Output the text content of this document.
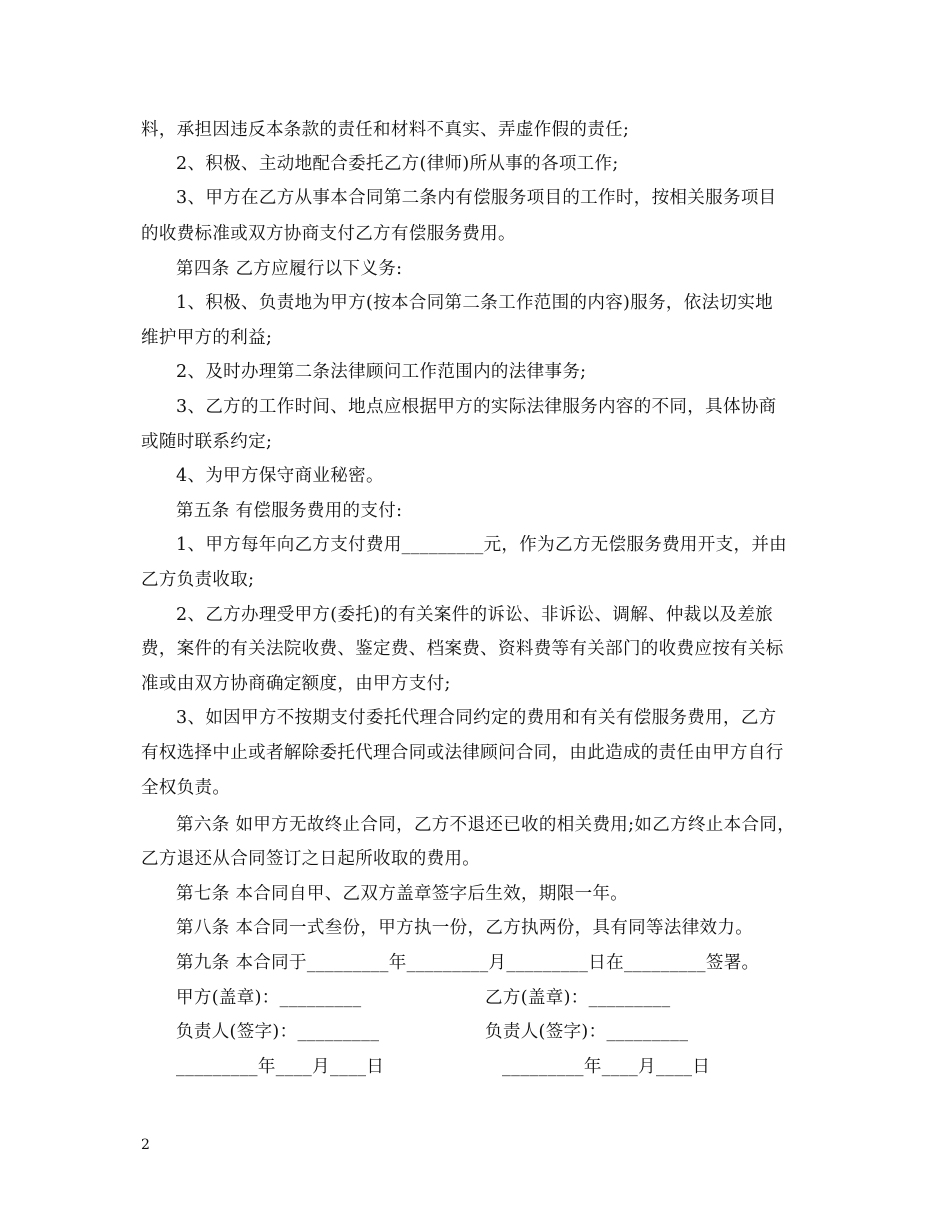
料，承担因违反本条款的责任和材料不真实、弄虚作假的责任;
2、积极、主动地配合委托乙方(律师)所从事的各项工作;
3、甲方在乙方从事本合同第二条内有偿服务项目的工作时，按相关服务项目
的收费标准或双方协商支付乙方有偿服务费用。
第四条 乙方应履行以下义务:
1、积极、负责地为甲方(按本合同第二条工作范围的内容)服务，依法切实地
维护甲方的利益;
2、及时办理第二条法律顾问工作范围内的法律事务;
3、乙方的工作时间、地点应根据甲方的实际法律服务内容的不同，具体协商
或随时联系约定;
4、为甲方保守商业秘密。
第五条 有偿服务费用的支付:
1、甲方每年向乙方支付费用_________元，作为乙方无偿服务费用开支，并由
乙方负责收取;
2、乙方办理受甲方(委托)的有关案件的诉讼、非诉讼、调解、仲裁以及差旅
费，案件的有关法院收费、鉴定费、档案费、资料费等有关部门的收费应按有关标
准或由双方协商确定额度，由甲方支付;
3、如因甲方不按期支付委托代理合同约定的费用和有关有偿服务费用，乙方
有权选择中止或者解除委托代理合同或法律顾问合同，由此造成的责任由甲方自行
全权负责。
第六条 如甲方无故终止合同，乙方不退还已收的相关费用;如乙方终止本合同，
乙方退还从合同签订之日起所收取的费用。
第七条 本合同自甲、乙双方盖章签字后生效，期限一年。
第八条 本合同一式叁份，甲方执一份，乙方执两份，具有同等法律效力。
第九条 本合同于_________年_________月_________日在_________签署。
甲方(盖章)：_________	乙方(盖章)：_________
负责人(签字)：_________	负责人(签字)：_________
_________年____月____日	_________年____月____日
2
